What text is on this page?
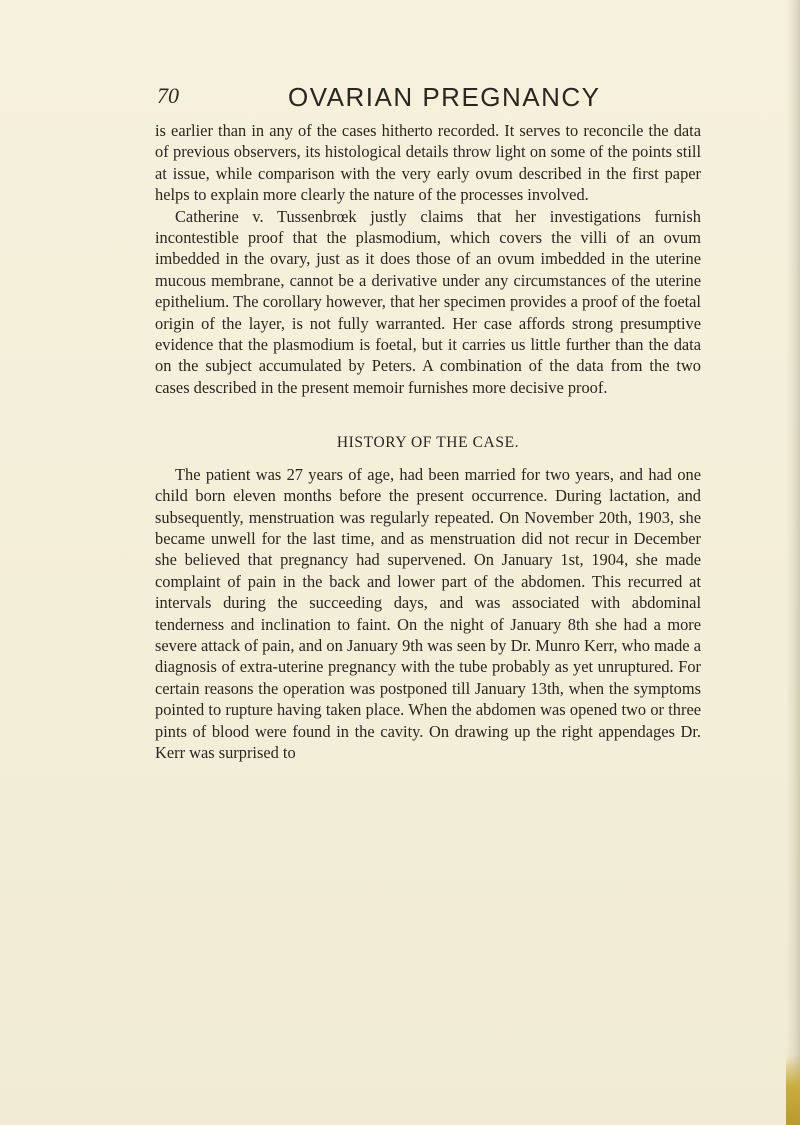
70	OVARIAN PREGNANCY

is earlier than in any of the cases hitherto recorded. It serves to reconcile the data of previous observers, its histological details throw light on some of the points still at issue, while comparison with the very early ovum described in the first paper helps to explain more clearly the nature of the processes involved.

Catherine v. Tussenbrœk justly claims that her investigations furnish incontestible proof that the plasmodium, which covers the villi of an ovum imbedded in the ovary, just as it does those of an ovum imbedded in the uterine mucous membrane, cannot be a derivative under any circumstances of the uterine epithelium. The corollary however, that her specimen provides a proof of the foetal origin of the layer, is not fully warranted. Her case affords strong presumptive evidence that the plasmodium is foetal, but it carries us little further than the data on the subject accumulated by Peters. A combination of the data from the two cases described in the present memoir furnishes more decisive proof.

HISTORY OF THE CASE.

The patient was 27 years of age, had been married for two years, and had one child born eleven months before the present occurrence. During lactation, and subsequently, menstruation was regularly repeated. On November 20th, 1903, she became unwell for the last time, and as menstruation did not recur in December she believed that pregnancy had supervened. On January 1st, 1904, she made complaint of pain in the back and lower part of the abdomen. This recurred at intervals during the succeeding days, and was associated with abdominal tenderness and inclination to faint. On the night of January 8th she had a more severe attack of pain, and on January 9th was seen by Dr. Munro Kerr, who made a diagnosis of extra-uterine pregnancy with the tube probably as yet unruptured. For certain reasons the operation was postponed till January 13th, when the symptoms pointed to rupture having taken place. When the abdomen was opened two or three pints of blood were found in the cavity. On drawing up the right appendages Dr. Kerr was surprised to
